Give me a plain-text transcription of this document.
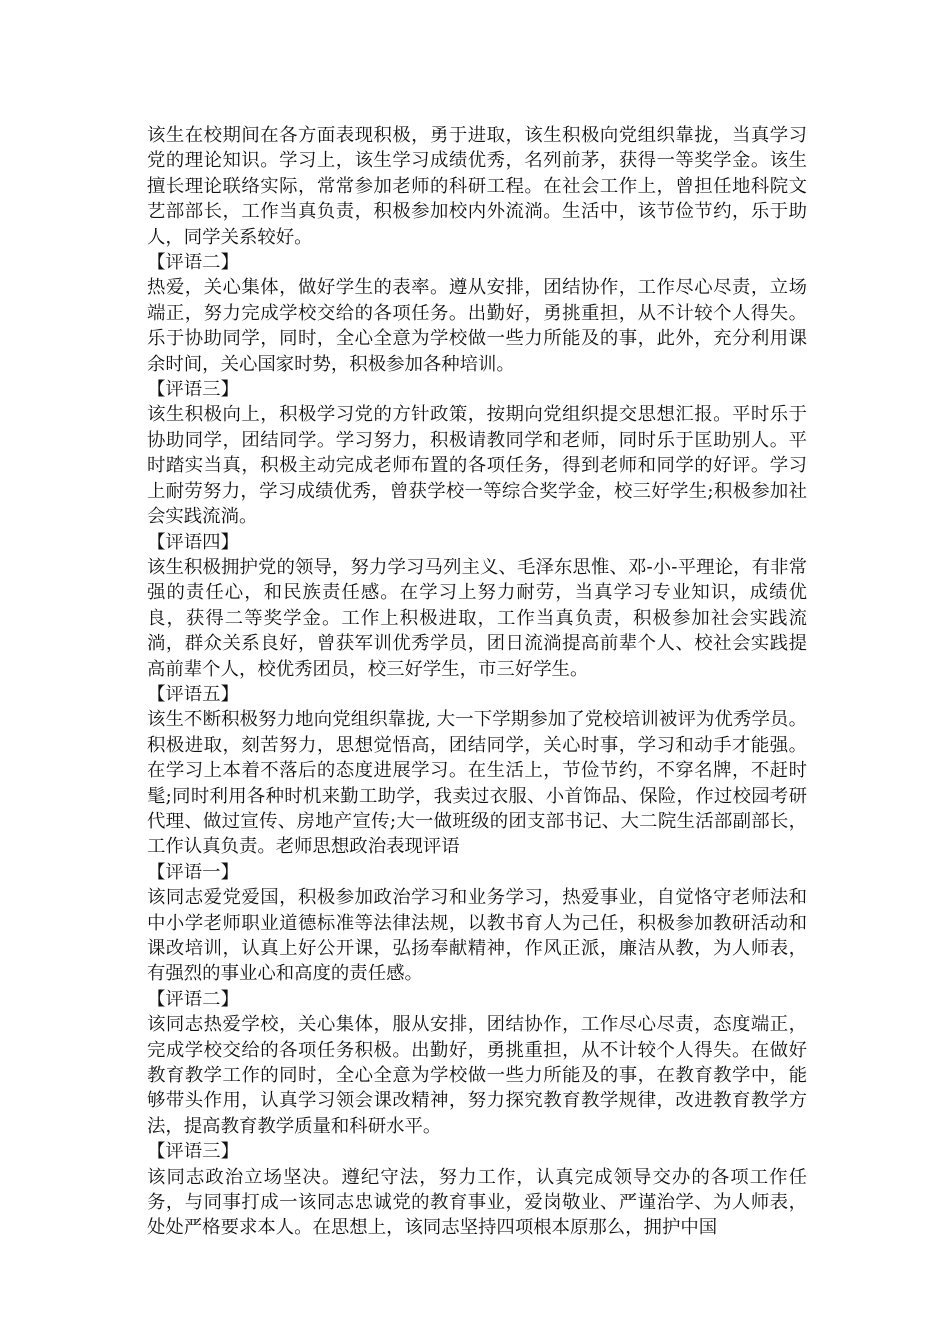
该生在校期间在各方面表现积极，勇于进取，该生积极向党组织靠拢，当真学习党的理论知识。学习上，该生学习成绩优秀，名列前茅，获得一等奖学金。该生擅长理论联络实际，常常参加老师的科研工程。在社会工作上，曾担任地科院文艺部部长，工作当真负责，积极参加校内外流淌。生活中，该节俭节约，乐于助人，同学关系较好。

【评语二】

热爱，关心集体，做好学生的表率。遵从安排，团结协作，工作尽心尽责，立场端正，努力完成学校交给的各项任务。出勤好，勇挑重担，从不计较个人得失。乐于协助同学，同时，全心全意为学校做一些力所能及的事，此外，充分利用课余时间，关心国家时势，积极参加各种培训。

【评语三】

该生积极向上，积极学习党的方针政策，按期向党组织提交思想汇报。平时乐于协助同学，团结同学。学习努力，积极请教同学和老师，同时乐于匡助别人。平时踏实当真，积极主动完成老师布置的各项任务，得到老师和同学的好评。学习上耐劳努力，学习成绩优秀，曾获学校一等综合奖学金，校三好学生;积极参加社会实践流淌。

【评语四】

该生积极拥护党的领导，努力学习马列主义、毛泽东思惟、邓-小-平理论，有非常强的责任心，和民族责任感。在学习上努力耐劳，当真学习专业知识，成绩优良，获得二等奖学金。工作上积极进取，工作当真负责，积极参加社会实践流淌，群众关系良好，曾获军训优秀学员，团日流淌提高前辈个人、校社会实践提高前辈个人，校优秀团员，校三好学生，市三好学生。

【评语五】

该生不断积极努力地向党组织靠拢, 大一下学期参加了党校培训被评为优秀学员。积极进取，刻苦努力，思想觉悟高，团结同学，关心时事，学习和动手才能强。在学习上本着不落后的态度进展学习。在生活上，节俭节约，不穿名牌，不赶时髦;同时利用各种时机来勤工助学，我卖过衣服、小首饰品、保险，作过校园考研代理、做过宣传、房地产宣传;大一做班级的团支部书记、大二院生活部副部长，工作认真负责。老师思想政治表现评语

【评语一】

该同志爱党爱国，积极参加政治学习和业务学习，热爱事业，自觉恪守老师法和中小学老师职业道德标准等法律法规，以教书育人为己任，积极参加教研活动和课改培训，认真上好公开课，弘扬奉献精神，作风正派，廉洁从教，为人师表，有强烈的事业心和高度的责任感。

【评语二】

该同志热爱学校，关心集体，服从安排，团结协作，工作尽心尽责，态度端正，完成学校交给的各项任务积极。出勤好，勇挑重担，从不计较个人得失。在做好教育教学工作的同时，全心全意为学校做一些力所能及的事，在教育教学中，能够带头作用，认真学习领会课改精神，努力探究教育教学规律，改进教育教学方法，提高教育教学质量和科研水平。

【评语三】

该同志政治立场坚决。遵纪守法，努力工作，认真完成领导交办的各项工作任务，与同事打成一该同志忠诚党的教育事业，爱岗敬业、严谨治学、为人师表，处处严格要求本人。在思想上，该同志坚持四项根本原那么，拥护中国
